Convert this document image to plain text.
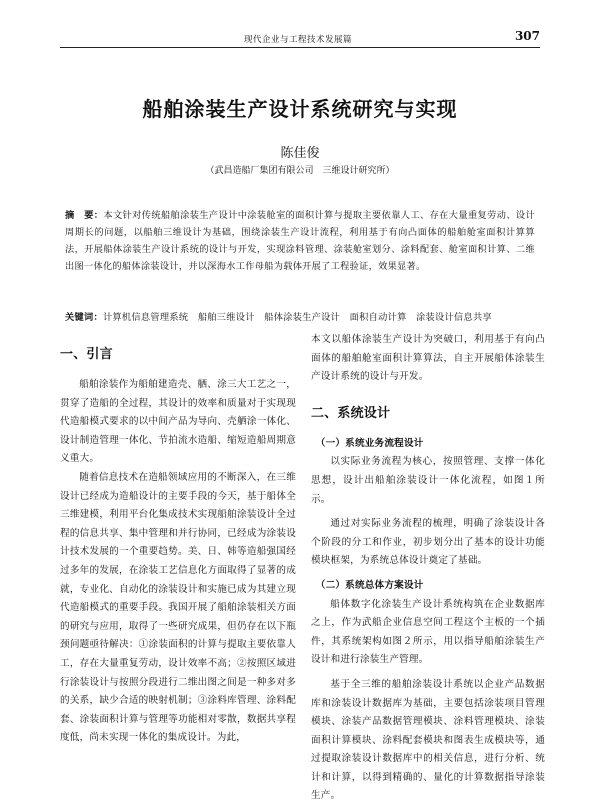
现代企业与工程技术发展篇	307
船舶涂装生产设计系统研究与实现
陈佳俊
（武昌造船厂集团有限公司　三维设计研究所）
摘　要：本文针对传统船舶涂装生产设计中涂装舱室的面积计算与提取主要依靠人工、存在大量重复劳动、设计周期长的问题，以船舶三维设计为基础，围绕涂装生产设计流程，利用基于有向凸面体的船舶舱室面积计算算法，开展船体涂装生产设计系统的设计与开发，实现涂料管理、涂装舱室划分、涂料配套、舱室面积计算、二维出图一体化的船体涂装设计，并以深海水工作母船为载体开展了工程验证，效果显著。
关键词：计算机信息管理系统　船舶三维设计　船体涂装生产设计　面积自动计算　涂装设计信息共享
一、引言

船舶涂装作为船舶建造壳、舾、涂三大工艺之一，贯穿了造船的全过程，其设计的效率和质量对于实现现代造船模式要求的以中间产品为导向、壳舾涂一体化、设计制造管理一体化、节拍流水造船、缩短造船周期意义重大。

随着信息技术在造船领域应用的不断深入，在三维设计已经成为造船设计的主要手段的今天，基于船体全三维建模，利用平台化集成技术实现船舶涂装设计全过程的信息共享、集中管理和并行协同，已经成为涂装设计技术发展的一个重要趋势。美、日、韩等造船强国经过多年的发展，在涂装工艺信息化方面取得了显著的成就，专业化、自动化的涂装设计和实施已成为其建立现代造船模式的重要手段。我国开展了船舶涂装相关方面的研究与应用，取得了一些研究成果，但仍存在以下瓶颈问题亟待解决：①涂装面积的计算与提取主要依靠人工，存在大量重复劳动，设计效率不高；②按照区域进行涂装设计与按照分段进行二维出图之间是一种多对多的关系，缺少合适的映射机制；③涂料库管理、涂料配套、涂装面积计算与管理等功能相对零散，数据共享程度低，尚未实现一体化的集成设计。为此，

本文以船体涂装生产设计为突破口，利用基于有向凸面体的船舶舱室面积计算算法，自主开展船体涂装生产设计系统的设计与开发。

二、系统设计
（一）系统业务流程设计

以实际业务流程为核心，按照管理、支撑一体化思想，设计出船舶涂装设计一体化流程，如图１所示。

通过对实际业务流程的梳理，明确了涂装设计各个阶段的分工和作业，初步划分出了基本的设计功能模块框架，为系统总体设计奠定了基础。

（二）系统总体方案设计

船体数字化涂装生产设计系统构筑在企业数据库之上，作为武船企业信息空间工程这个主板的一个插件，其系统架构如图２所示，用以指导船舶涂装生产设计和进行涂装生产管理。

基于全三维的船舶涂装设计系统以企业产品数据库和涂装设计数据库为基础，主要包括涂装项目管理模块、涂装产品数据管理模块、涂料管理模块、涂装面积计算模块、涂料配套模块和图表生成模块等，通过提取涂装设计数据库中的相关信息，进行分析、统计和计算，以得到精确的、量化的计算数据指导涂装生产。
